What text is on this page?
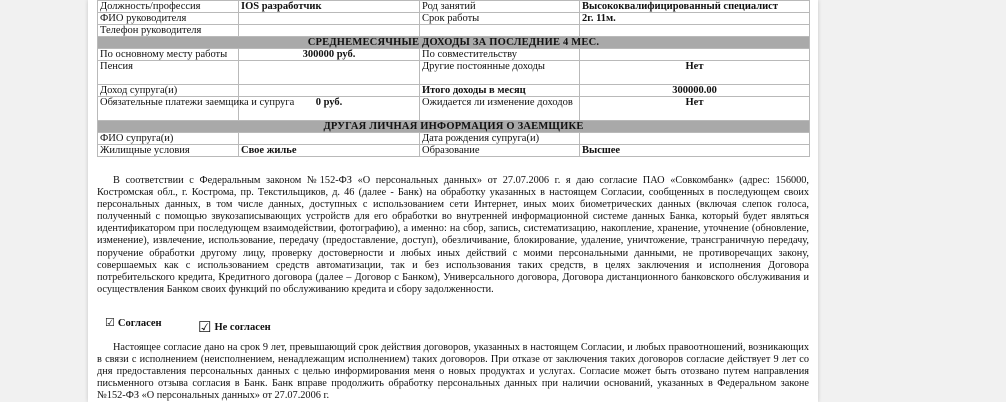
Должность/профессия	IOS разработчик	Род занятий	Высококвалифицированный специалист
ФИО руководителя		Срок работы	2г. 11м.
Телефон руководителя			
СРЕДНЕМЕСЯЧНЫЕ ДОХОДЫ ЗА ПОСЛЕДНИЕ 4 МЕС.			
По основному месту работы	300000 руб.	По совместительству	
Пенсия		Другие постоянные доходы	Нет
Доход супруга(и)		Итого доходы в месяц	300000.00
Обязательные платежи заемщика и супруга	0 руб.	Ожидается ли изменение доходов	Нет
ДРУГАЯ ЛИЧНАЯ ИНФОРМАЦИЯ О ЗАЕМЩИКЕ			
ФИО супруга(и)		Дата рождения супруга(и)	
Жилищные условия	Свое жилье	Образование	Высшее

В соответствии с Федеральным законом №152-ФЗ «О персональных данных» от 27.07.2006 г. я даю согласие ПАО «Совкомбанк» (адрес: 156000, Костромская обл., г. Кострома, пр. Текстильщиков, д. 46 (далее - Банк) на обработку указанных в настоящем Согласии, сообщенных в последующем своих персональных данных, в том числе данных, доступных с использованием сети Интернет, иных моих биометрических данных (включая слепок голоса, полученный с помощью звукозаписывающих устройств для его обработки во внутренней информационной системе данных Банка, который будет являться идентификатором при последующем взаимодействии, фотографию), а именно: на сбор, запись, систематизацию, накопление, хранение, уточнение (обновление, изменение), извлечение, использование, передачу (предоставление, доступ), обезличивание, блокирование, удаление, уничтожение, трансграничную передачу, поручение обработки другому лицу, проверку достоверности и любых иных действий с моими персональными данными, не противоречащих закону, совершаемых как с использованием средств автоматизации, так и без использования таких средств, в целях заключения и исполнения Договора потребительского кредита, Кредитного договора (далее – Договор с Банком), Универсального договора, Договора дистанционного банковского обслуживания и осуществления Банком своих функций по обслуживанию кредита и сбору задолженности.

☑ Согласен ☑ Не согласен

Настоящее согласие дано на срок 9 лет, превышающий срок действия договоров, указанных в настоящем Согласии, и любых правоотношений, возникающих в связи с исполнением (неисполнением, ненадлежащим исполнением) таких договоров. При отказе от заключения таких договоров согласие действует 9 лет со дня предоставления персональных данных с целью информирования меня о новых продуктах и услугах. Согласие может быть отозвано путем направления письменного отзыва согласия в Банк. Банк вправе продолжить обработку персональных данных при наличии оснований, указанных в Федеральном законе №152-ФЗ «О персональных данных» от 27.07.2006 г.
